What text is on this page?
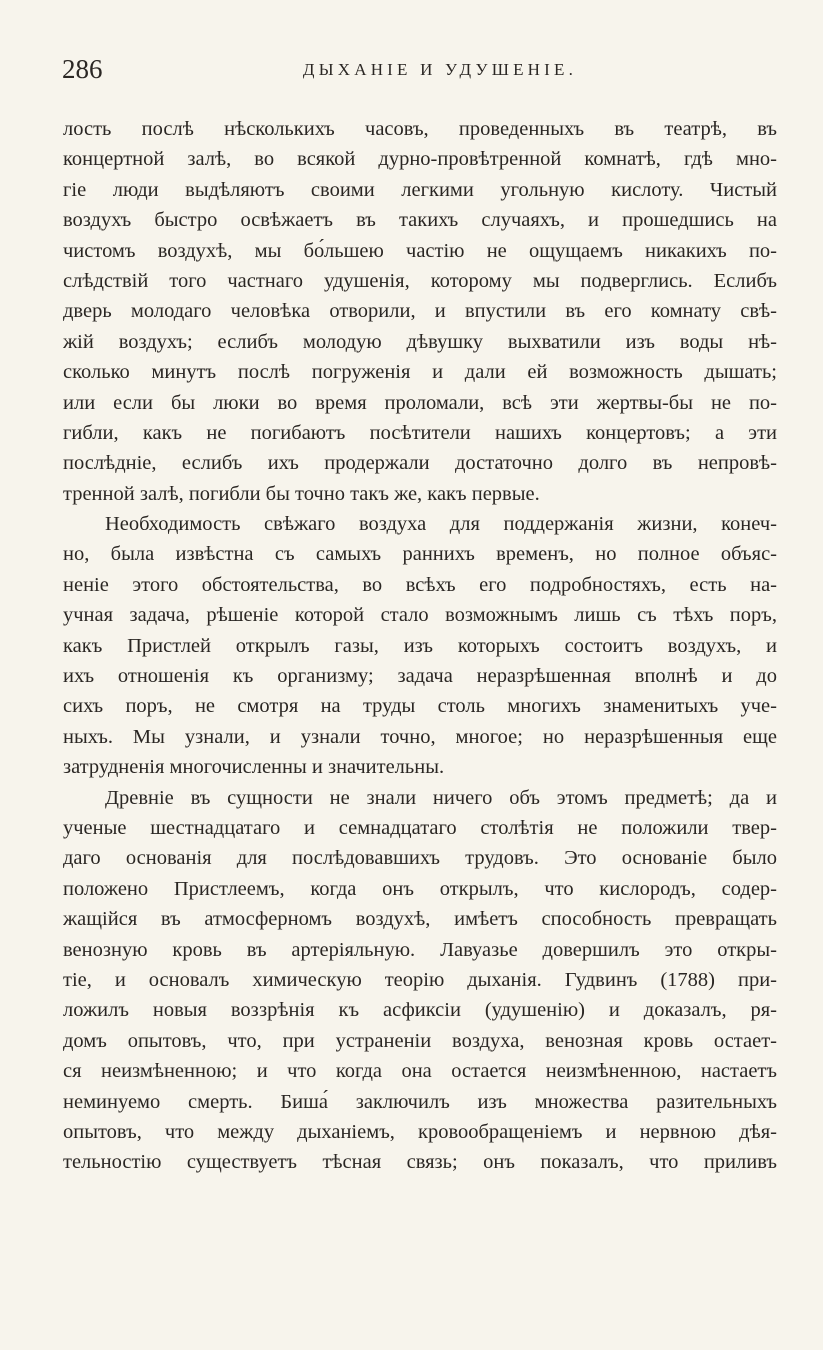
286	ДЫХАНІЕ И УДУШЕНІЕ.
лость послѣ нѣсколькихъ часовъ, проведенныхъ въ театрѣ, въ
концертной залѣ, во всякой дурно-провѣтренной комнатѣ, гдѣ мно-
гіе люди выдѣляютъ своими легкими угольную кислоту. Чистый
воздухъ быстро освѣжаетъ въ такихъ случаяхъ, и прошедшись на
чистомъ воздухѣ, мы бо́льшею частію не ощущаемъ никакихъ по-
слѣдствій того частнаго удушенія, которому мы подверглись. Еслибъ
дверь молодаго человѣка отворили, и впустили въ его комнату свѣ-
жій воздухъ; еслибъ молодую дѣвушку выхватили изъ воды нѣ-
сколько минутъ послѣ погруженія и дали ей возможность дышать;
или если бы люки во время проломали, всѣ эти жертвы-бы не по-
гибли, какъ не погибаютъ посѣтители нашихъ концертовъ; а эти
послѣдніе, еслибъ ихъ продержали достаточно долго въ непровѣ-
тренной залѣ, погибли бы точно такъ же, какъ первые.
Необходимость свѣжаго воздуха для поддержанія жизни, конеч-
но, была извѣстна съ самыхъ раннихъ временъ, но полное объяс-
неніе этого обстоятельства, во всѣхъ его подробностяхъ, есть на-
учная задача, рѣшеніе которой стало возможнымъ лишь съ тѣхъ поръ,
какъ Пристлей открылъ газы, изъ которыхъ состоитъ воздухъ, и
ихъ отношенія къ организму; задача неразрѣшенная вполнѣ и до
сихъ поръ, не смотря на труды столь многихъ знаменитыхъ уче-
ныхъ. Мы узнали, и узнали точно, многое; но неразрѣшенныя еще
затрудненія многочисленны и значительны.
Древніе въ сущности не знали ничего объ этомъ предметѣ; да и
ученые шестнадцатаго и семнадцатаго столѣтія не положили твер-
даго основанія для послѣдовавшихъ трудовъ. Это основаніе было
положено Пристлеемъ, когда онъ открылъ, что кислородъ, содер-
жащійся въ атмосферномъ воздухѣ, имѣетъ способность превращать
венозную кровь въ артеріяльную. Лавуазье довершилъ это откры-
тіе, и основалъ химическую теорію дыханія. Гудвинъ (1788) при-
ложилъ новыя воззрѣнія къ асфиксіи (удушенію) и доказалъ, ря-
домъ опытовъ, что, при устраненіи воздуха, венозная кровь остает-
ся неизмѣненною; и что когда она остается неизмѣненною, настаетъ
неминуемо смерть. Биша́ заключилъ изъ множества разительныхъ
опытовъ, что между дыханіемъ, кровообращеніемъ и нервною дѣя-
тельностію существуетъ тѣсная связь; онъ показалъ, что приливъ
